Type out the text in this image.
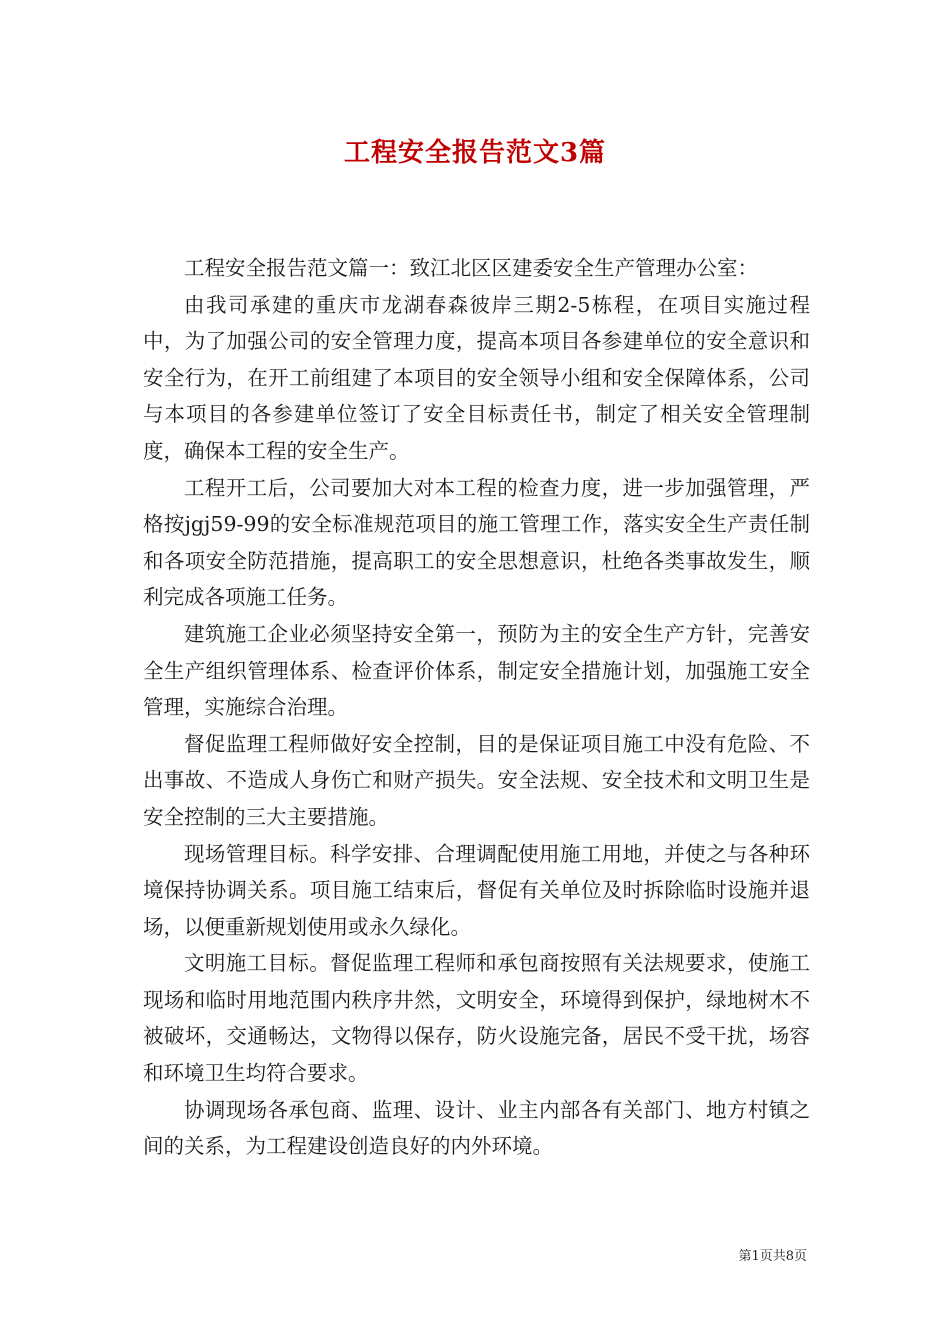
工程安全报告范文3篇

工程安全报告范文篇一：致江北区区建委安全生产管理办公室：

由我司承建的重庆市龙湖春森彼岸三期2-5栋程，在项目实施过程中，为了加强公司的安全管理力度，提高本项目各参建单位的安全意识和安全行为，在开工前组建了本项目的安全领导小组和安全保障体系，公司与本项目的各参建单位签订了安全目标责任书，制定了相关安全管理制度，确保本工程的安全生产。

工程开工后，公司要加大对本工程的检查力度，进一步加强管理，严格按jgj59-99的安全标准规范项目的施工管理工作，落实安全生产责任制和各项安全防范措施，提高职工的安全思想意识，杜绝各类事故发生，顺利完成各项施工任务。

建筑施工企业必须坚持安全第一，预防为主的安全生产方针，完善安全生产组织管理体系、检查评价体系，制定安全措施计划，加强施工安全管理，实施综合治理。

督促监理工程师做好安全控制，目的是保证项目施工中没有危险、不出事故、不造成人身伤亡和财产损失。安全法规、安全技术和文明卫生是安全控制的三大主要措施。

现场管理目标。科学安排、合理调配使用施工用地，并使之与各种环境保持协调关系。项目施工结束后，督促有关单位及时拆除临时设施并退场，以便重新规划使用或永久绿化。

文明施工目标。督促监理工程师和承包商按照有关法规要求，使施工现场和临时用地范围内秩序井然，文明安全，环境得到保护，绿地树木不被破坏，交通畅达，文物得以保存，防火设施完备，居民不受干扰，场容和环境卫生均符合要求。

协调现场各承包商、监理、设计、业主内部各有关部门、地方村镇之间的关系，为工程建设创造良好的内外环境。

第1页共8页
